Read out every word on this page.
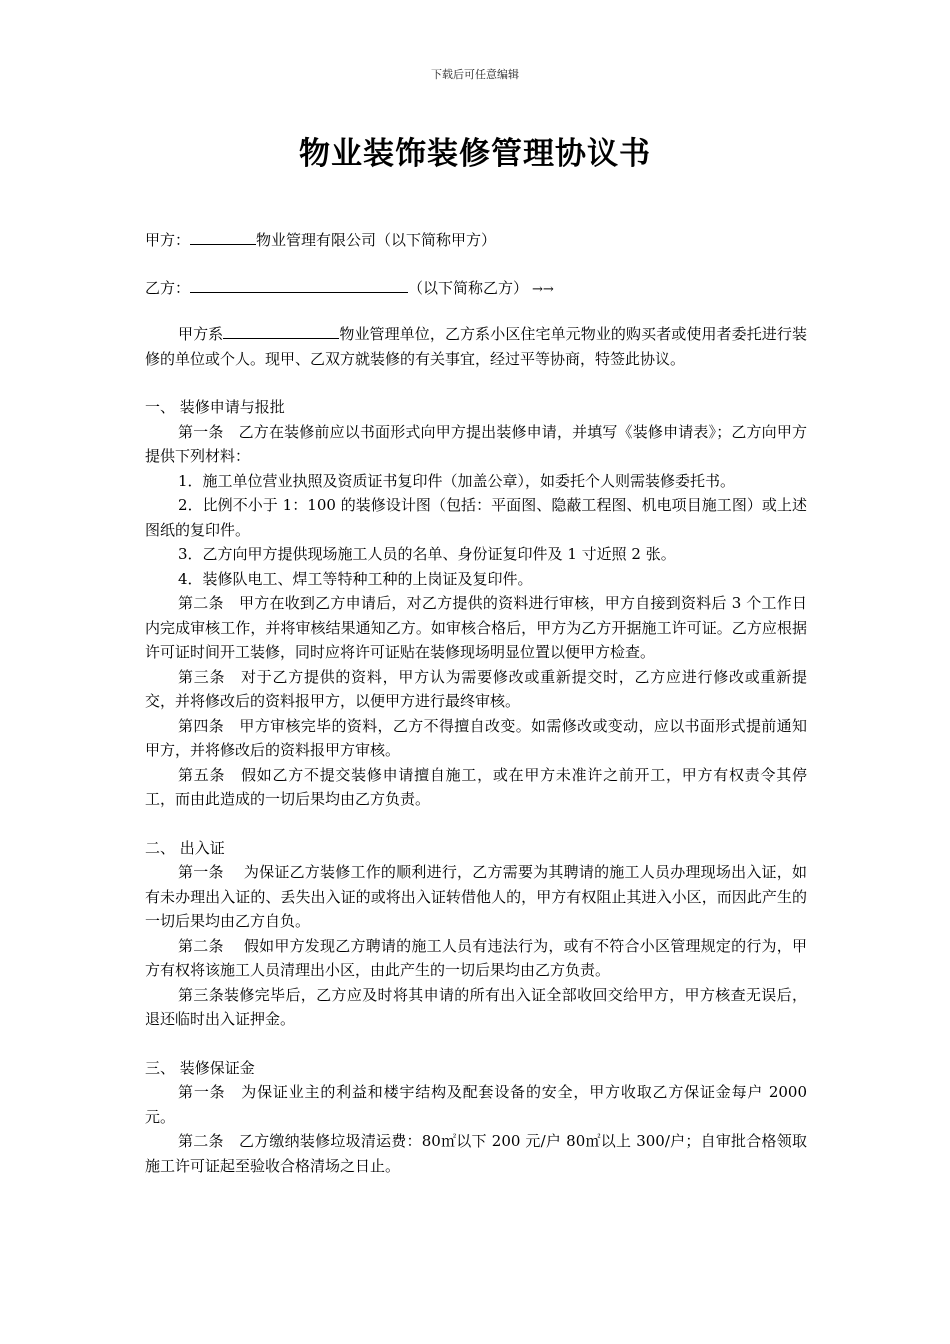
下载后可任意编辑
物业装饰装修管理协议书
甲方：	物业管理有限公司（以下简称甲方）
乙方：	（以下简称乙方） →→

甲方系	物业管理单位，乙方系小区住宅单元物业的购买者或使用者委托进行装修的单位或个人。现甲、乙双方就装修的有关事宜，经过平等协商，特签此协议。

一、 装修申请与报批

第一条　乙方在装修前应以书面形式向甲方提出装修申请，并填写《装修申请表》；乙方向甲方提供下列材料：

1．施工单位营业执照及资质证书复印件（加盖公章），如委托个人则需装修委托书。

2．比例不小于 1：100 的装修设计图（包括：平面图、隐蔽工程图、机电项目施工图）或上述图纸的复印件。

3．乙方向甲方提供现场施工人员的名单、身份证复印件及 1 寸近照 2 张。

4．装修队电工、焊工等特种工种的上岗证及复印件。

第二条　甲方在收到乙方申请后，对乙方提供的资料进行审核，甲方自接到资料后 3 个工作日内完成审核工作，并将审核结果通知乙方。如审核合格后，甲方为乙方开据施工许可证。乙方应根据许可证时间开工装修，同时应将许可证贴在装修现场明显位置以便甲方检查。

第三条　对于乙方提供的资料，甲方认为需要修改或重新提交时，乙方应进行修改或重新提交，并将修改后的资料报甲方，以便甲方进行最终审核。

第四条　甲方审核完毕的资料，乙方不得擅自改变。如需修改或变动，应以书面形式提前通知甲方，并将修改后的资料报甲方审核。

第五条　假如乙方不提交装修申请擅自施工，或在甲方未准许之前开工，甲方有权责令其停工，而由此造成的一切后果均由乙方负责。

二、 出入证

第一条　 为保证乙方装修工作的顺利进行，乙方需要为其聘请的施工人员办理现场出入证，如有未办理出入证的、丢失出入证的或将出入证转借他人的，甲方有权阻止其进入小区，而因此产生的一切后果均由乙方自负。

第二条　 假如甲方发现乙方聘请的施工人员有违法行为，或有不符合小区管理规定的行为，甲方有权将该施工人员清理出小区，由此产生的一切后果均由乙方负责。

第三条装修完毕后，乙方应及时将其申请的所有出入证全部收回交给甲方，甲方核查无误后，退还临时出入证押金。

三、 装修保证金

第一条　为保证业主的利益和楼宇结构及配套设备的安全，甲方收取乙方保证金每户 2000 元。

第二条　乙方缴纳装修垃圾清运费：80㎡以下 200 元/户 80㎡以上 300/户；自审批合格领取施工许可证起至验收合格清场之日止。
